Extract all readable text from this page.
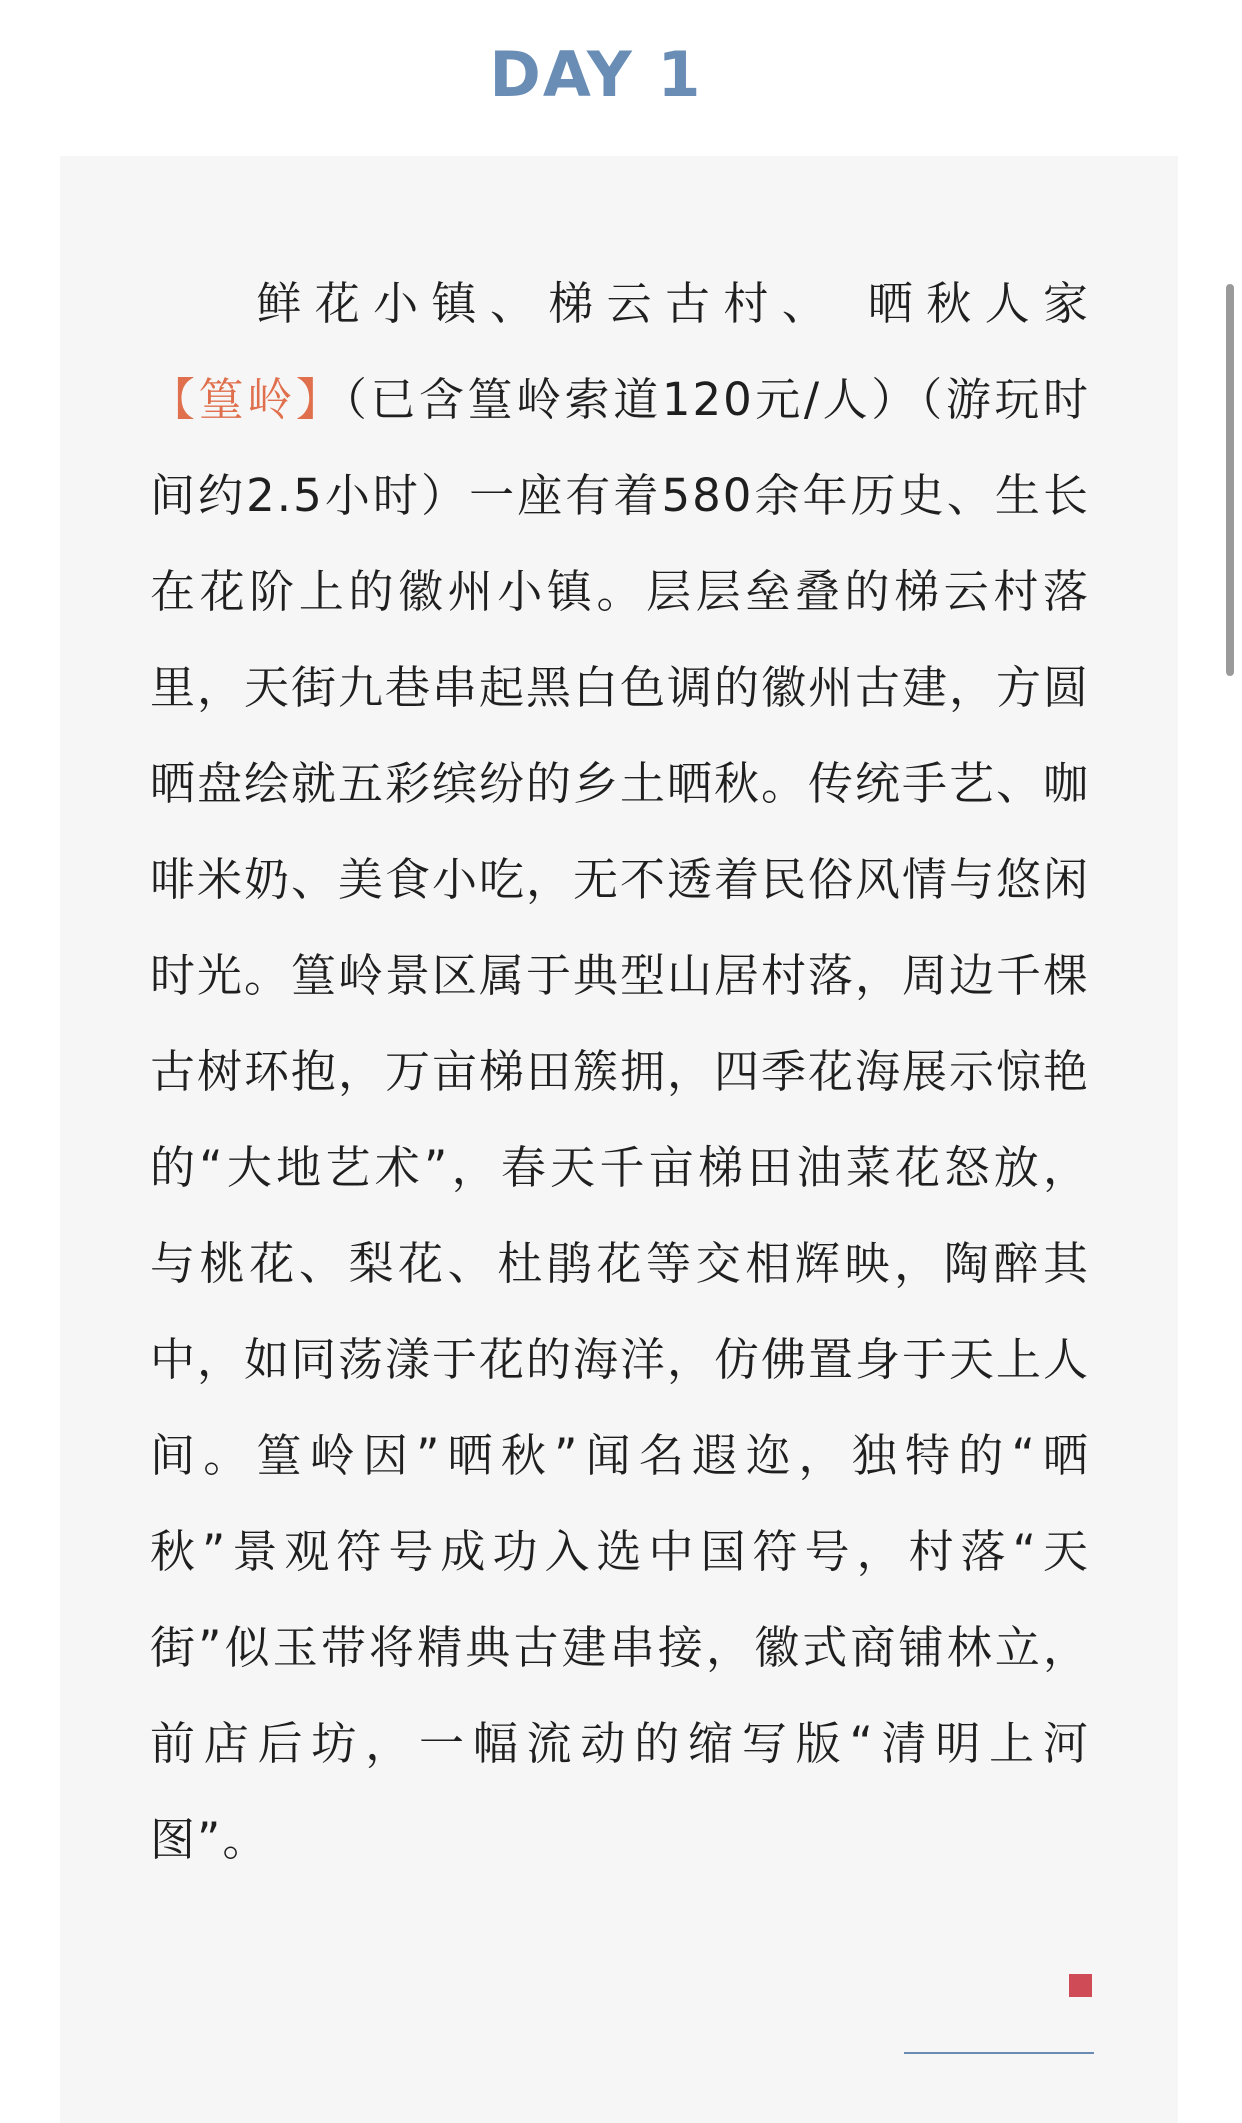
DAY 1

鲜花小镇、梯云古村、 晒秋人家【篁岭】（已含篁岭索道120元/人）（游玩时间约2.5小时）一座有着580余年历史、生长在花阶上的徽州小镇。层层垒叠的梯云村落里，天街九巷串起黑白色调的徽州古建，方圆晒盘绘就五彩缤纷的乡土晒秋。传统手艺、咖啡米奶、美食小吃，无不透着民俗风情与悠闲时光。篁岭景区属于典型山居村落，周边千棵古树环抱，万亩梯田簇拥，四季花海展示惊艳的“大地艺术”，春天千亩梯田油菜花怒放，与桃花、梨花、杜鹃花等交相辉映，陶醉其中，如同荡漾于花的海洋，仿佛置身于天上人间。篁岭因”晒秋”闻名遐迩，独特的“晒秋”景观符号成功入选中国符号，村落“天街”似玉带将精典古建串接，徽式商铺林立，前店后坊，一幅流动的缩写版“清明上河图”。
